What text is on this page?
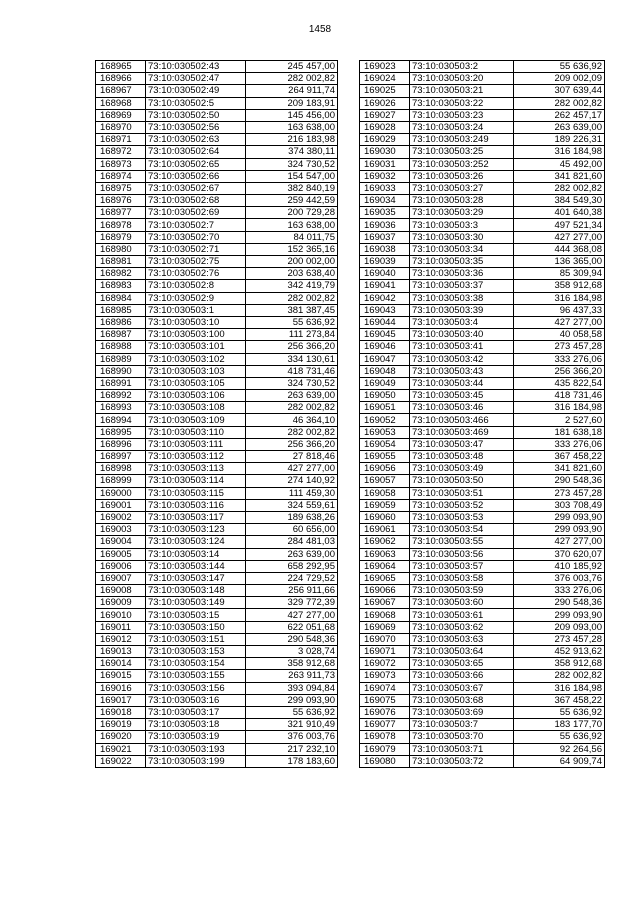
1458
168965	73:10:030502:43	245 457,00
168966	73:10:030502:47	282 002,82
168967	73:10:030502:49	264 911,74
168968	73:10:030502:5	209 183,91
168969	73:10:030502:50	145 456,00
168970	73:10:030502:56	163 638,00
168971	73:10:030502:63	216 183,98
168972	73:10:030502:64	374 380,11
168973	73:10:030502:65	324 730,52
168974	73:10:030502:66	154 547,00
168975	73:10:030502:67	382 840,19
168976	73:10:030502:68	259 442,59
168977	73:10:030502:69	200 729,28
168978	73:10:030502:7	163 638,00
168979	73:10:030502:70	84 011,75
168980	73:10:030502:71	152 365,16
168981	73:10:030502:75	200 002,00
168982	73:10:030502:76	203 638,40
168983	73:10:030502:8	342 419,79
168984	73:10:030502:9	282 002,82
168985	73:10:030503:1	381 387,45
168986	73:10:030503:10	55 636,92
168987	73:10:030503:100	111 273,84
168988	73:10:030503:101	256 366,20
168989	73:10:030503:102	334 130,61
168990	73:10:030503:103	418 731,46
168991	73:10:030503:105	324 730,52
168992	73:10:030503:106	263 639,00
168993	73:10:030503:108	282 002,82
168994	73:10:030503:109	46 364,10
168995	73:10:030503:110	282 002,82
168996	73:10:030503:111	256 366,20
168997	73:10:030503:112	27 818,46
168998	73:10:030503:113	427 277,00
168999	73:10:030503:114	274 140,92
169000	73:10:030503:115	111 459,30
169001	73:10:030503:116	324 559,61
169002	73:10:030503:117	189 638,26
169003	73:10:030503:123	60 656,00
169004	73:10:030503:124	284 481,03
169005	73:10:030503:14	263 639,00
169006	73:10:030503:144	658 292,95
169007	73:10:030503:147	224 729,52
169008	73:10:030503:148	256 911,66
169009	73:10:030503:149	329 772,39
169010	73:10:030503:15	427 277,00
169011	73:10:030503:150	622 051,68
169012	73:10:030503:151	290 548,36
169013	73:10:030503:153	3 028,74
169014	73:10:030503:154	358 912,68
169015	73:10:030503:155	263 911,73
169016	73:10:030503:156	393 094,84
169017	73:10:030503:16	299 093,90
169018	73:10:030503:17	55 636,92
169019	73:10:030503:18	321 910,49
169020	73:10:030503:19	376 003,76
169021	73:10:030503:193	217 232,10
169022	73:10:030503:199	178 183,60
169023	73:10:030503:2	55 636,92
169024	73:10:030503:20	209 002,09
169025	73:10:030503:21	307 639,44
169026	73:10:030503:22	282 002,82
169027	73:10:030503:23	262 457,17
169028	73:10:030503:24	263 639,00
169029	73:10:030503:249	189 226,31
169030	73:10:030503:25	316 184,98
169031	73:10:030503:252	45 492,00
169032	73:10:030503:26	341 821,60
169033	73:10:030503:27	282 002,82
169034	73:10:030503:28	384 549,30
169035	73:10:030503:29	401 640,38
169036	73:10:030503:3	497 521,34
169037	73:10:030503:30	427 277,00
169038	73:10:030503:34	444 368,08
169039	73:10:030503:35	136 365,00
169040	73:10:030503:36	85 309,94
169041	73:10:030503:37	358 912,68
169042	73:10:030503:38	316 184,98
169043	73:10:030503:39	96 437,33
169044	73:10:030503:4	427 277,00
169045	73:10:030503:40	40 058,58
169046	73:10:030503:41	273 457,28
169047	73:10:030503:42	333 276,06
169048	73:10:030503:43	256 366,20
169049	73:10:030503:44	435 822,54
169050	73:10:030503:45	418 731,46
169051	73:10:030503:46	316 184,98
169052	73:10:030503:466	2 527,60
169053	73:10:030503:469	181 638,18
169054	73:10:030503:47	333 276,06
169055	73:10:030503:48	367 458,22
169056	73:10:030503:49	341 821,60
169057	73:10:030503:50	290 548,36
169058	73:10:030503:51	273 457,28
169059	73:10:030503:52	303 708,49
169060	73:10:030503:53	299 093,90
169061	73:10:030503:54	299 093,90
169062	73:10:030503:55	427 277,00
169063	73:10:030503:56	370 620,07
169064	73:10:030503:57	410 185,92
169065	73:10:030503:58	376 003,76
169066	73:10:030503:59	333 276,06
169067	73:10:030503:60	290 548,36
169068	73:10:030503:61	299 093,90
169069	73:10:030503:62	209 093,00
169070	73:10:030503:63	273 457,28
169071	73:10:030503:64	452 913,62
169072	73:10:030503:65	358 912,68
169073	73:10:030503:66	282 002,82
169074	73:10:030503:67	316 184,98
169075	73:10:030503:68	367 458,22
169076	73:10:030503:69	55 636,92
169077	73:10:030503:7	183 177,70
169078	73:10:030503:70	55 636,92
169079	73:10:030503:71	92 264,56
169080	73:10:030503:72	64 909,74
